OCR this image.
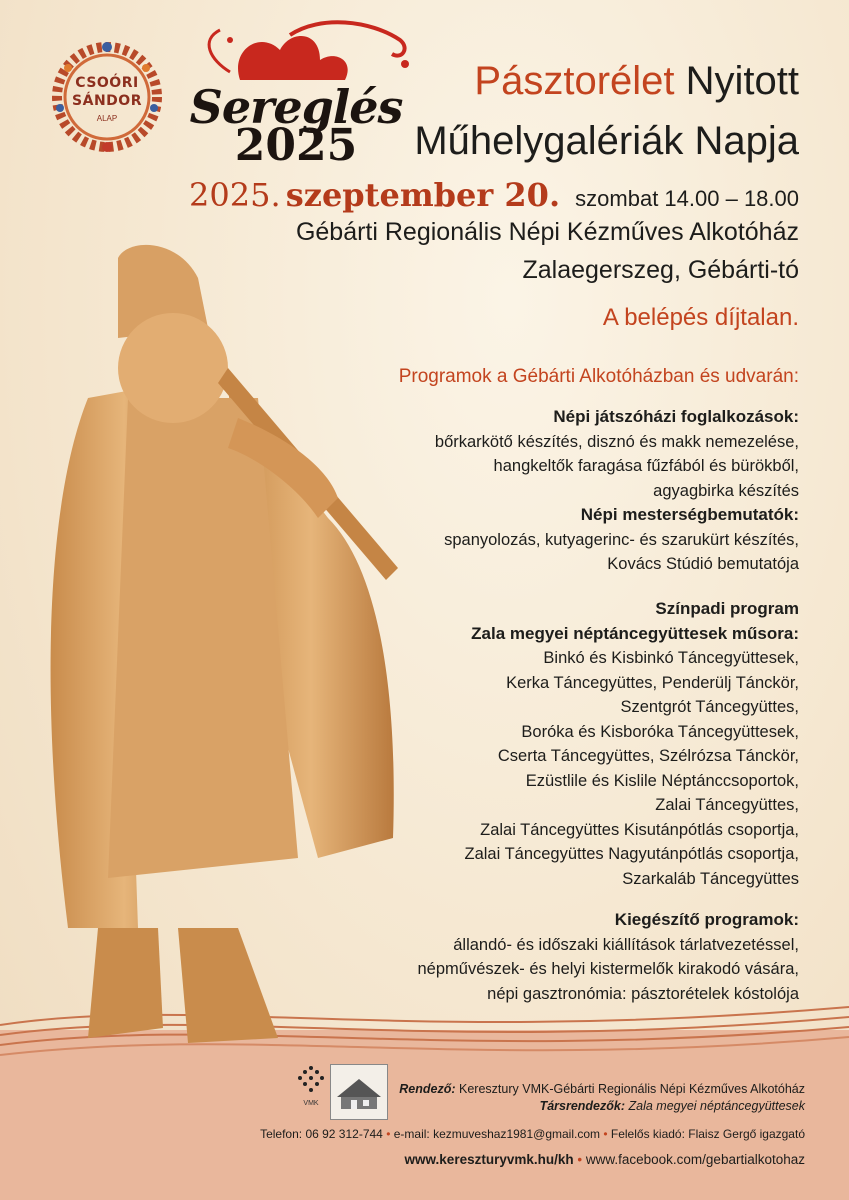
CSOÓRI
SÁNDOR
ALAP	Sereglés
2025
Pásztorélet Nyitott
Műhelygalériák Napja
2025. szeptember 20. szombat 14.00 – 18.00
Gébárti Regionális Népi Kézműves Alkotóház
Zalaegerszeg, Gébárti-tó
A belépés díjtalan.
Programok a Gébárti Alkotóházban és udvarán:
Népi játszóházi foglalkozások:
bőrkarkötő készítés, disznó és makk nemezelése,
hangkeltők faragása fűzfából és bürökből,
agyagbirka készítés
Népi mesterségbemutatók:
spanyolozás, kutyagerinc- és szarukürt készítés,
Kovács Stúdió bemutatója
Színpadi program
Zala megyei néptáncegyüttesek műsora:
Binkó és Kisbinkó Táncegyüttesek,
Kerka Táncegyüttes, Penderülj Tánckör,
Szentgrót Táncegyüttes,
Boróka és Kisboróka Táncegyüttesek,
Cserta Táncegyüttes, Szélrózsa Tánckör,
Ezüstlile és Kislile Néptánccsoportok,
Zalai Táncegyüttes,
Zalai Táncegyüttes Kisutánpótlás csoportja,
Zalai Táncegyüttes Nagyutánpótlás csoportja,
Szarkaláb Táncegyüttes
Kiegészítő programok:
állandó- és időszaki kiállítások tárlatvezetéssel,
népművészek- és helyi kistermelők kirakodó vására,
népi gasztronómia: pásztorételek kóstolója
VMK
Rendező: Keresztury VMK-Gébárti Regionális Népi Kézműves Alkotóház
Társrendezők: Zala megyei néptáncegyüttesek
Telefon: 06 92 312-744 • e-mail: kezmuveshaz1981@gmail.com • Felelős kiadó: Flaisz Gergő igazgató
www.kereszturyvmk.hu/kh • www.facebook.com/gebartialkotohaz
